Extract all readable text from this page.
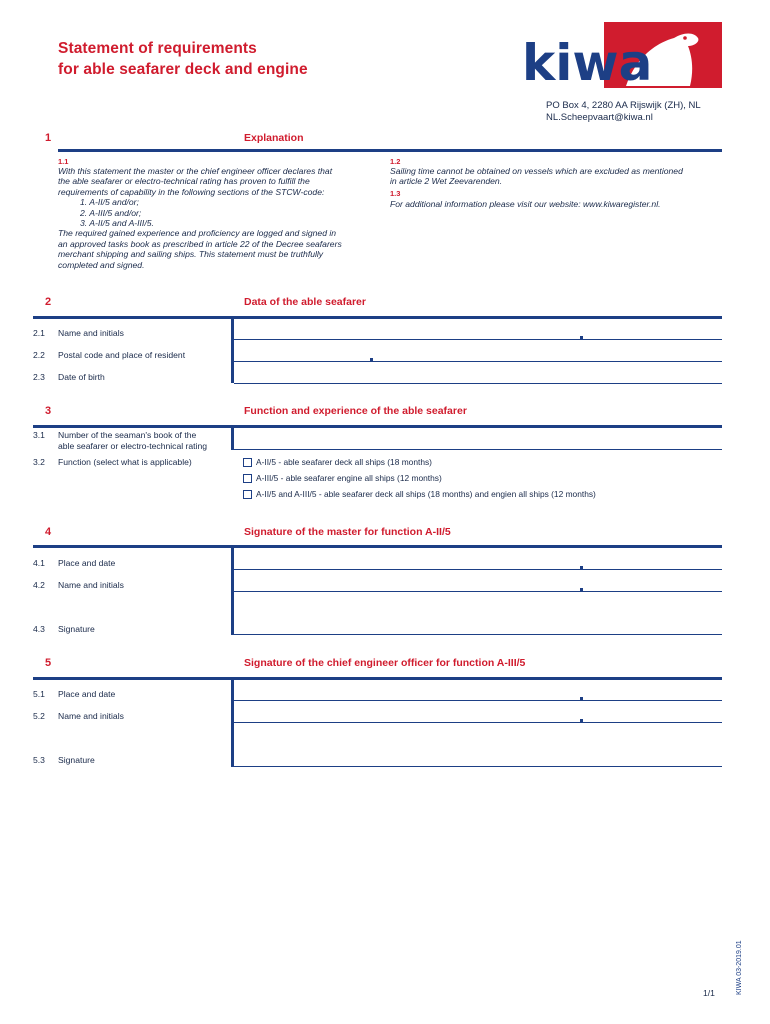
Statement of requirements
for able seafarer deck and engine	kiwa
PO Box 4, 2280 AA Rijswijk (ZH), NL
NL.Scheepvaart@kiwa.nl
1	Explanation
1.1
With this statement the master or the chief engineer officer declares that
the able seafarer or electro-technical rating has proven to fulfill the
requirements of capability in the following sections of the STCW-code:
1. A-II/5 and/or;
2. A-III/5 and/or;
3. A-II/5 and A-III/5.
The required gained experience and proficiency are logged and signed in
an approved tasks book as prescribed in article 22 of the Decree seafarers
merchant shipping and sailing ships. This statement must be truthfully
completed and signed.
1.2
Sailing time cannot be obtained on vessels which are excluded as mentioned
in article 2 Wet Zeevarenden.
1.3
For additional information please visit our website: www.kiwaregister.nl.
2	Data of the able seafarer
2.1 Name and initials
2.2 Postal code and place of resident
2.3 Date of birth
3	Function and experience of the able seafarer
3.1 Number of the seaman's book of the
able seafarer or electro-technical rating
3.2 Function (select what is applicable)	A-II/5 - able seafarer deck all ships (18 months)
A-III/5 - able seafarer engine all ships (12 months)
A-II/5 and A-III/5 - able seafarer deck all ships (18 months) and engien all ships (12 months)
4	Signature of the master for function A-II/5
4.1 Place and date
4.2 Name and initials
4.3 Signature
5	Signature of the chief engineer officer for function A-III/5
5.1 Place and date
5.2 Name and initials
5.3 Signature
KIWA 03-2019.01
1/1
